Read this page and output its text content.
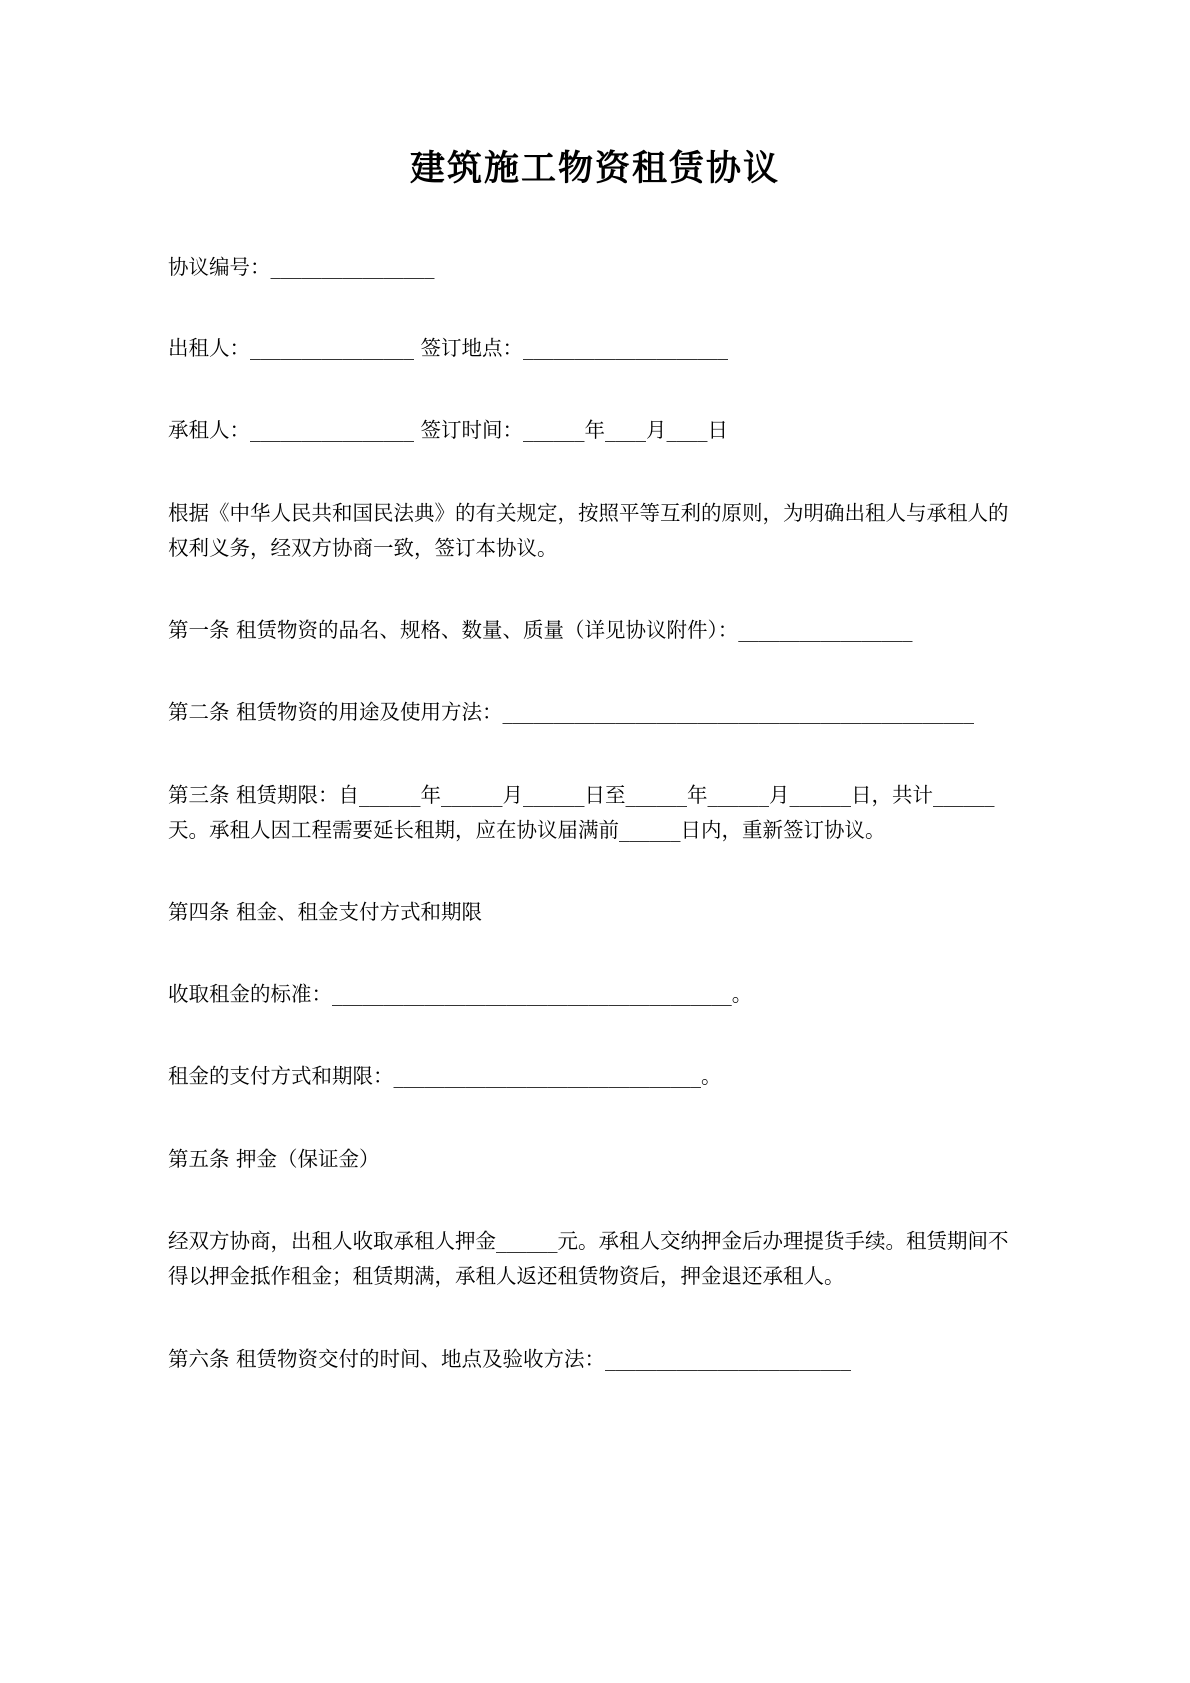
建筑施工物资租赁协议

协议编号：________________

出租人：________________ 签订地点：____________________

承租人：________________ 签订时间：______年____月____日

根据《中华人民共和国民法典》的有关规定，按照平等互利的原则，为明确出租人与承租人的权利义务，经双方协商一致，签订本协议。

第一条 租赁物资的品名、规格、数量、质量（详见协议附件）：_________________

第二条 租赁物资的用途及使用方法：______________________________________________

第三条 租赁期限：自______年______月______日至______年______月______日，共计______天。承租人因工程需要延长租期，应在协议届满前______日内，重新签订协议。

第四条 租金、租金支付方式和期限

收取租金的标准：_______________________________________。

租金的支付方式和期限：______________________________。

第五条 押金（保证金）

经双方协商，出租人收取承租人押金______元。承租人交纳押金后办理提货手续。租赁期间不得以押金抵作租金；租赁期满，承租人返还租赁物资后，押金退还承租人。

第六条 租赁物资交付的时间、地点及验收方法：________________________
